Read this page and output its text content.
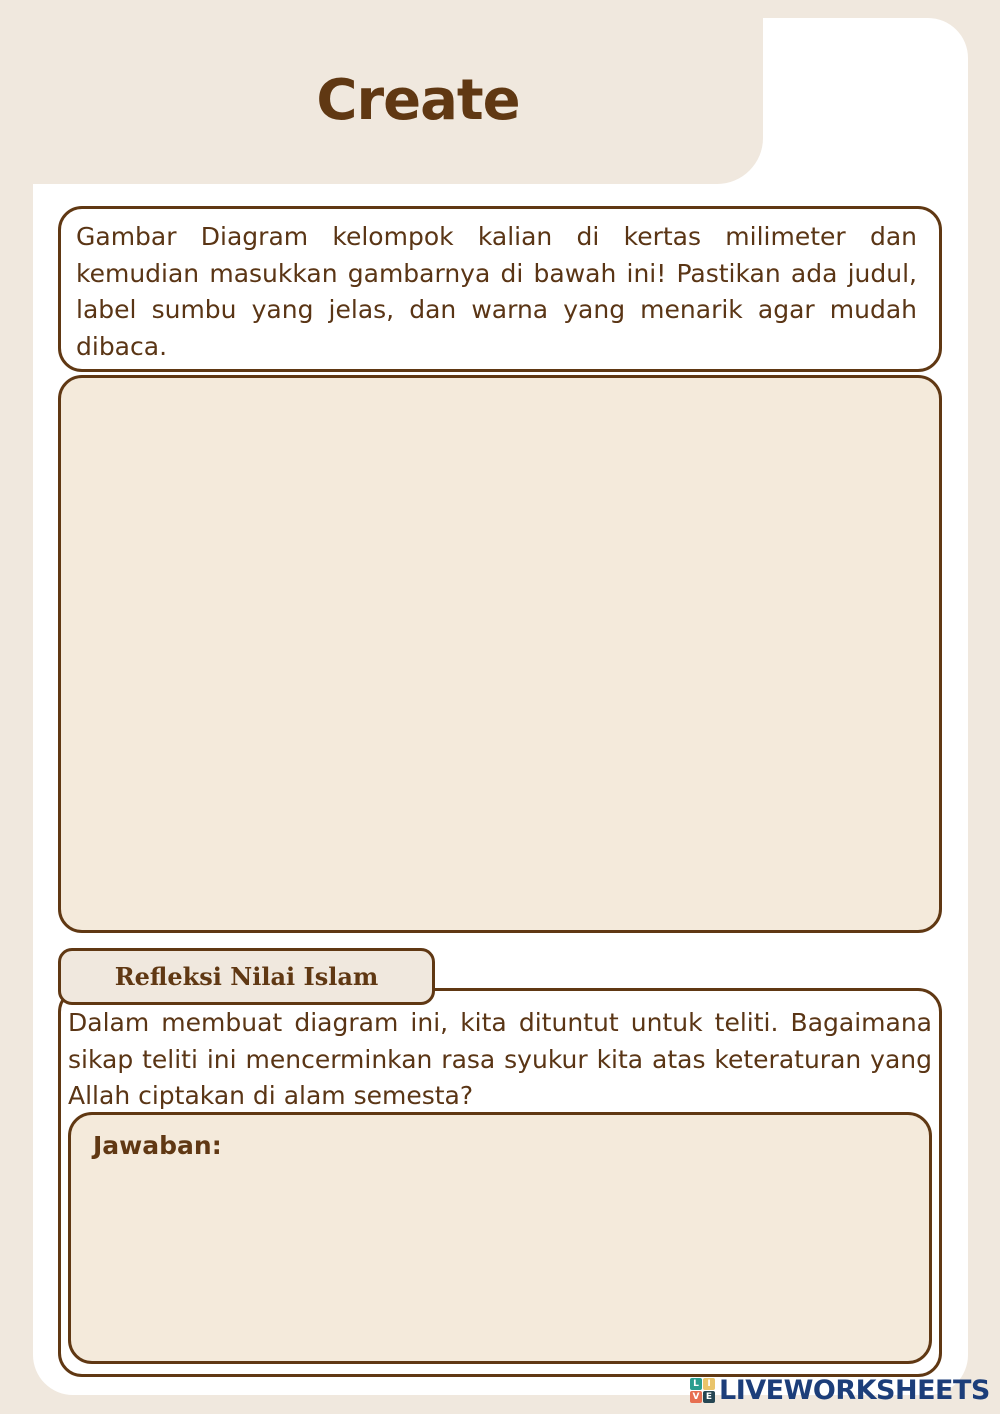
Create

Gambar Diagram kelompok kalian di kertas milimeter dan kemudian masukkan gambarnya di bawah ini! Pastikan ada judul, label sumbu yang jelas, dan warna yang menarik agar mudah dibaca.

Refleksi Nilai Islam

Dalam membuat diagram ini, kita dituntut untuk teliti. Bagaimana sikap teliti ini mencerminkan rasa syukur kita atas keteraturan yang Allah ciptakan di alam semesta?

Jawaban:
L I
V E LIVEWORKSHEETS
